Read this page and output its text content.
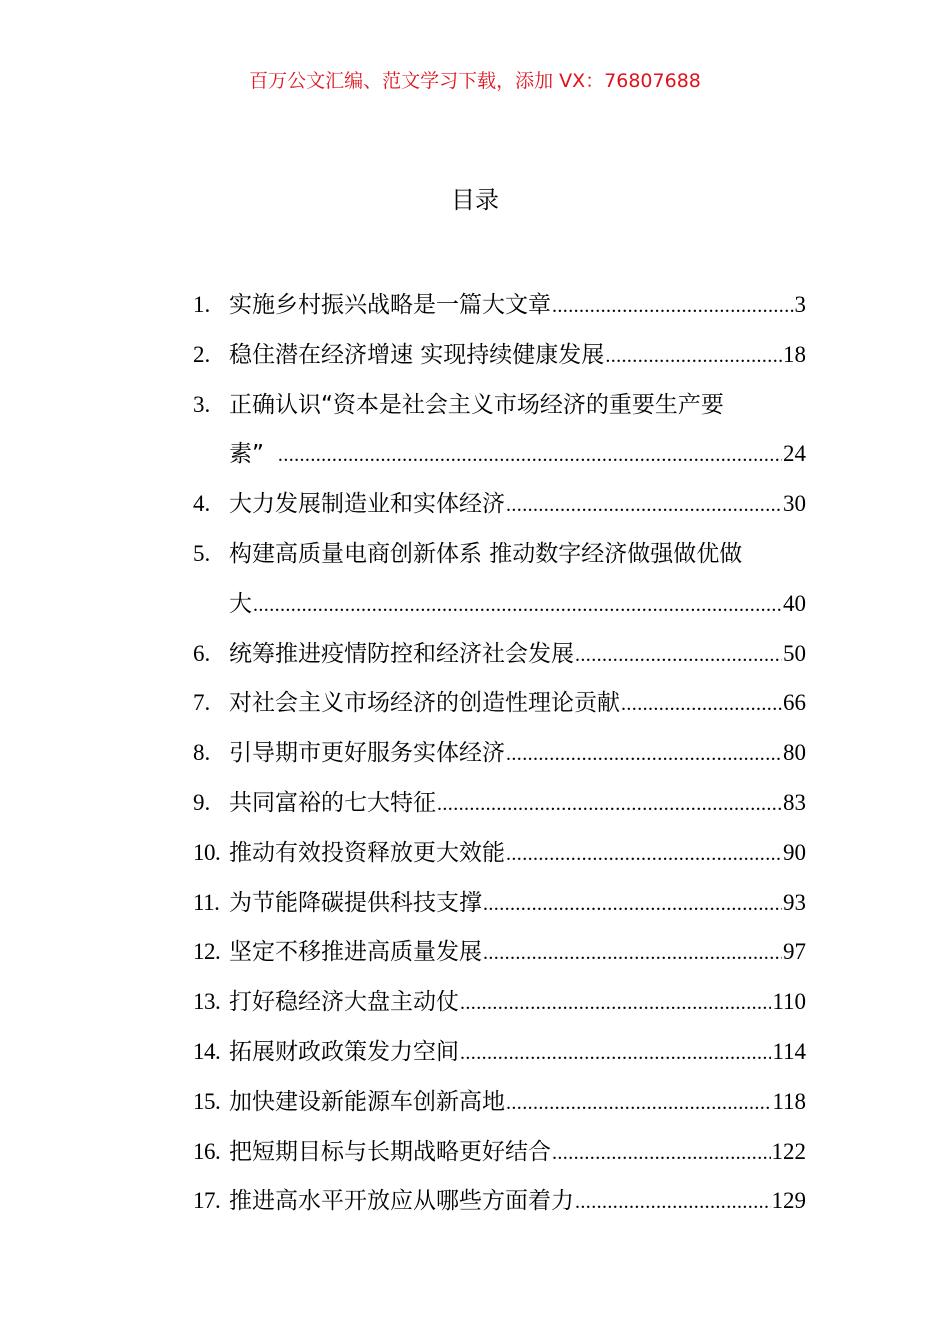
百万公文汇编、范文学习下载，添加 VX：76807688
目录
1. 实施乡村振兴战略是一篇大文章 .....	3
2. 稳住潜在经济增速 实现持续健康发展 .....	18
3. 正确认识“资本是社会主义市场经济的重要生产要
素” .....	24
4. 大力发展制造业和实体经济 .....	30
5. 构建高质量电商创新体系 推动数字经济做强做优做
大 .....	40
6. 统筹推进疫情防控和经济社会发展 .....	50
7. 对社会主义市场经济的创造性理论贡献 .....	66
8. 引导期市更好服务实体经济 .....	80
9. 共同富裕的七大特征 .....	83
10. 推动有效投资释放更大效能 .....	90
11. 为节能降碳提供科技支撑 .....	93
12. 坚定不移推进高质量发展 .....	97
13. 打好稳经济大盘主动仗 .....	110
14. 拓展财政政策发力空间 .....	114
15. 加快建设新能源车创新高地 .....	118
16. 把短期目标与长期战略更好结合 .....	122
17. 推进高水平开放应从哪些方面着力 .....	129
